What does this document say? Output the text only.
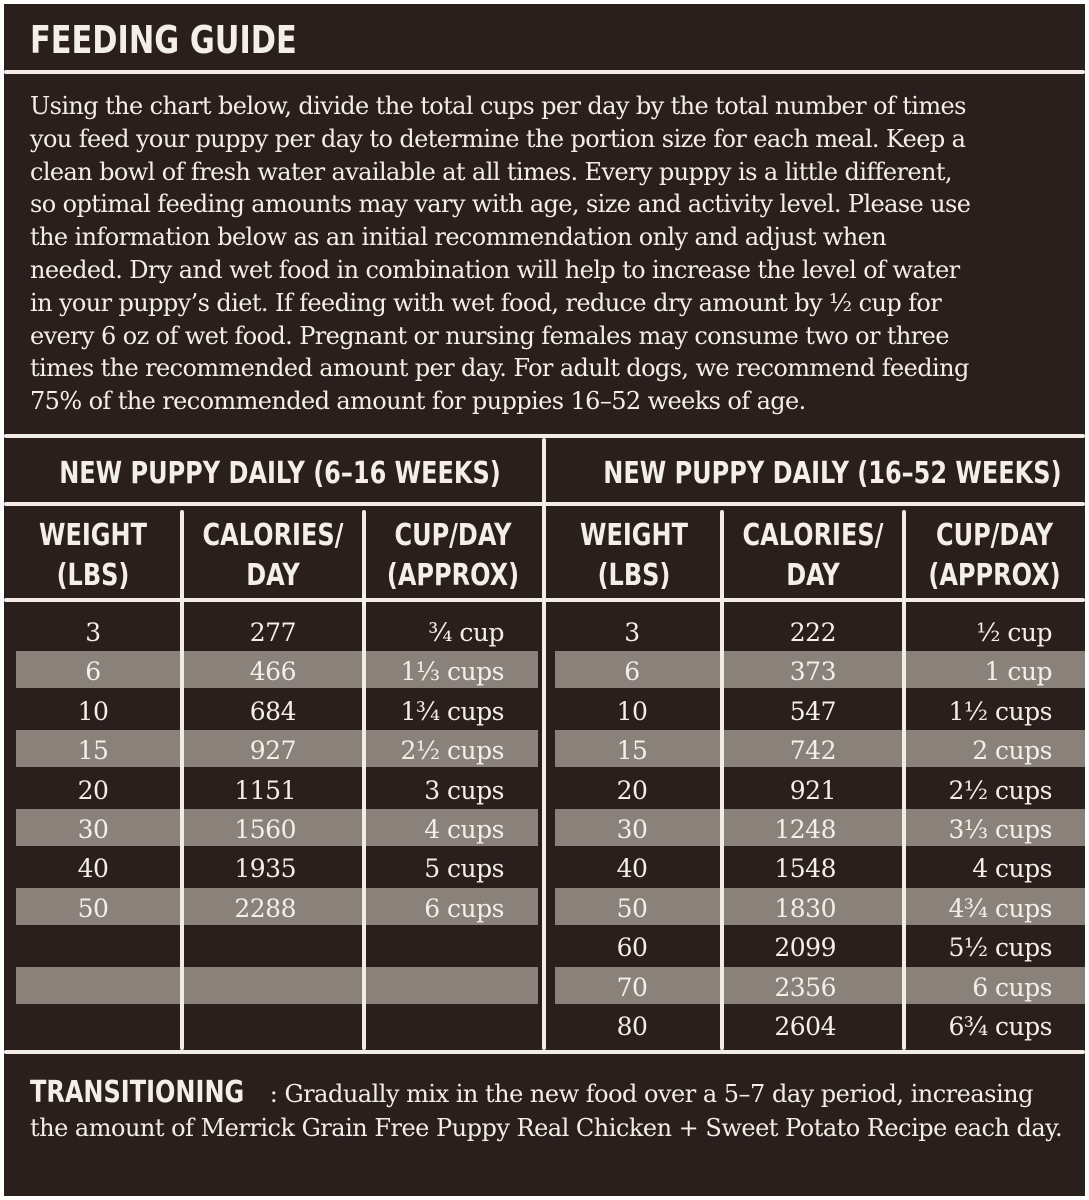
FEEDING GUIDE
Using the chart below, divide the total cups per day by the total number of times
you feed your puppy per day to determine the portion size for each meal. Keep a
clean bowl of fresh water available at all times. Every puppy is a little different,
so optimal feeding amounts may vary with age, size and activity level. Please use
the information below as an initial recommendation only and adjust when
needed. Dry and wet food in combination will help to increase the level of water
in your puppy’s diet. If feeding with wet food, reduce dry amount by ½ cup for
every 6 oz of wet food. Pregnant or nursing females may consume two or three
times the recommended amount per day. For adult dogs, we recommend feeding
75% of the recommended amount for puppies 16–52 weeks of age.
NEW PUPPY DAILY (6–16 WEEKS)	NEW PUPPY DAILY (16–52 WEEKS)
WEIGHT
(LBS)
CALORIES/
DAY
CUP/DAY
(APPROX)
WEIGHT
(LBS)
CALORIES/
DAY
CUP/DAY
(APPROX)
3	277	¾ cup
6	466	1⅓ cups
10	684	1¾ cups
15	927	2½ cups
20	1151	3 cups
30	1560	4 cups
40	1935	5 cups
50	2288	6 cups
3	222	½ cup
6	373	1 cup
10	547	1½ cups
15	742	2 cups
20	921	2½ cups
30	1248	3⅓ cups
40	1548	4 cups
50	1830	4¾ cups
60	2099	5½ cups
70	2356	6 cups
80	2604	6¾ cups
TRANSITIONING : Gradually mix in the new food over a 5–7 day period, increasing the amount of Merrick Grain Free Puppy Real Chicken + Sweet Potato Recipe each day.
